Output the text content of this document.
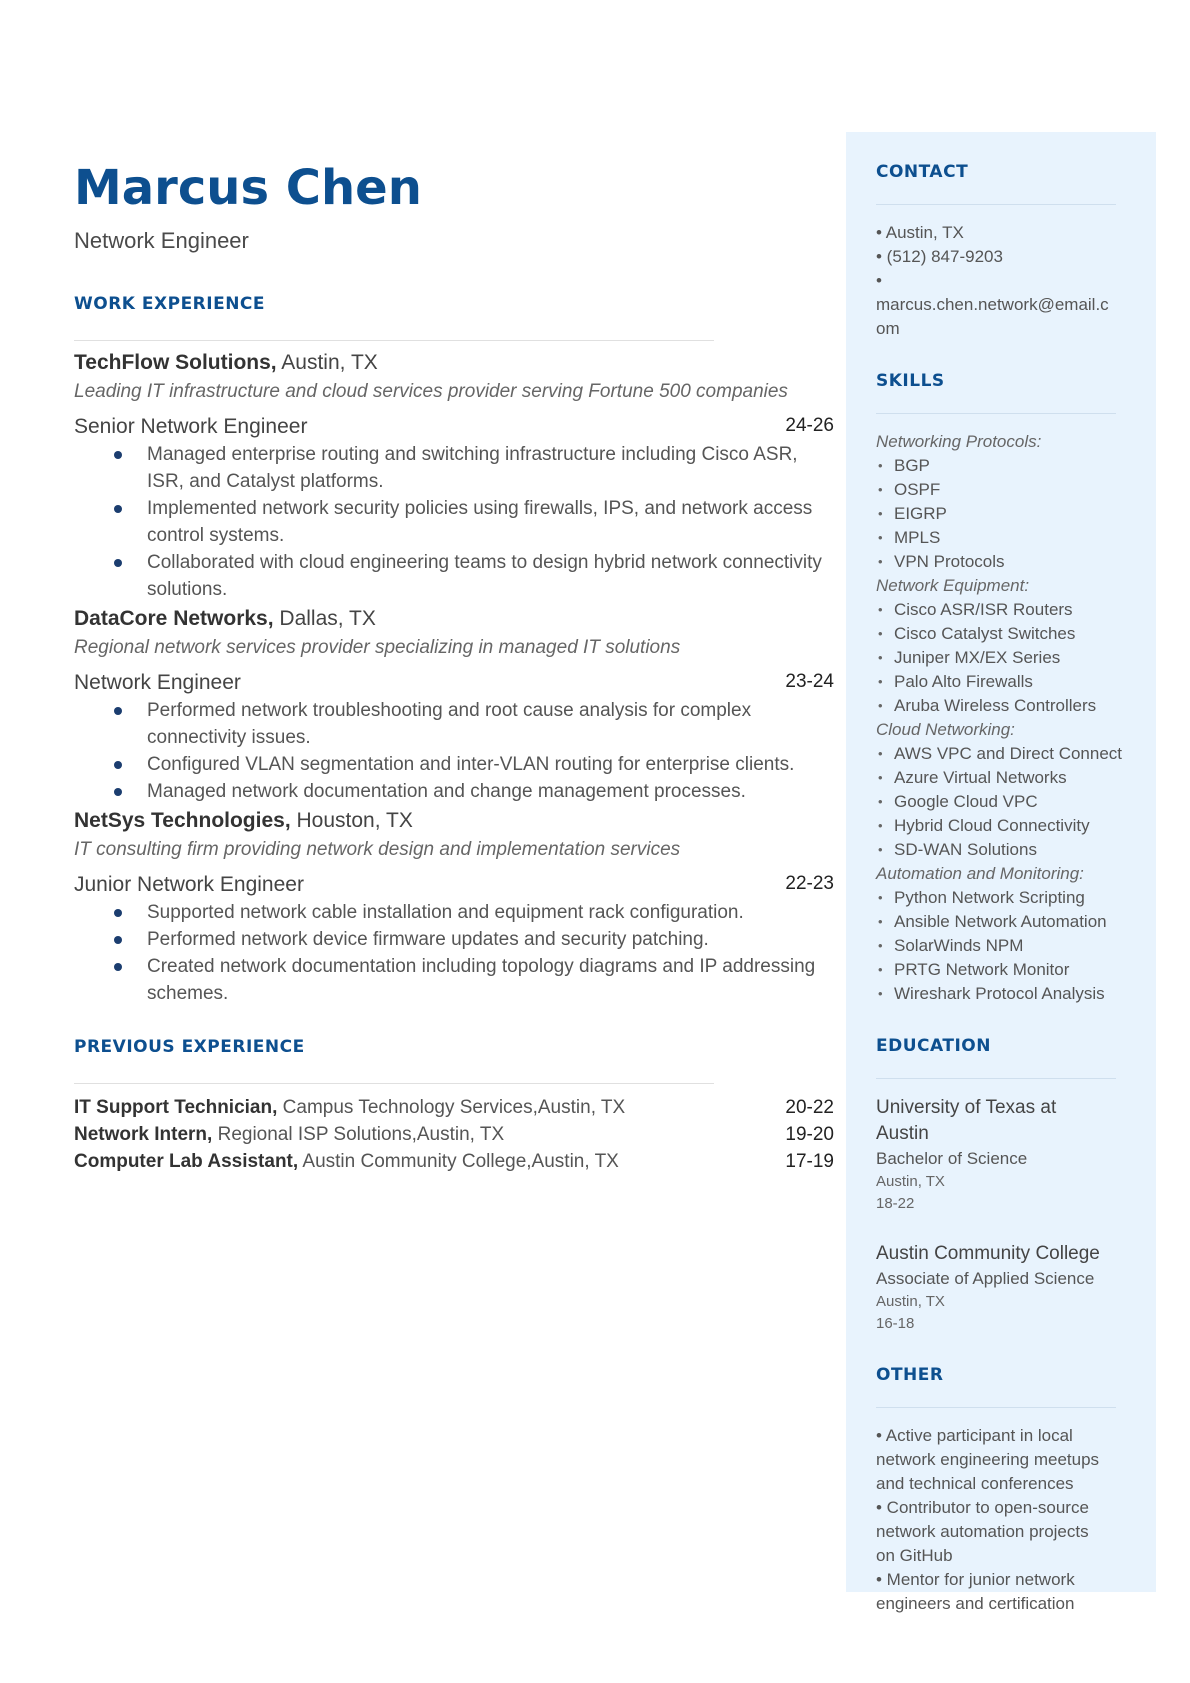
Marcus Chen
Network Engineer
WORK EXPERIENCE
TechFlow Solutions, Austin, TX
Leading IT infrastructure and cloud services provider serving Fortune 500 companies
Senior Network Engineer	24-26
Managed enterprise routing and switching infrastructure including Cisco ASR, ISR, and Catalyst platforms.
Implemented network security policies using firewalls, IPS, and network access control systems.
Collaborated with cloud engineering teams to design hybrid network connectivity solutions.
DataCore Networks, Dallas, TX
Regional network services provider specializing in managed IT solutions
Network Engineer	23-24
Performed network troubleshooting and root cause analysis for complex connectivity issues.
Configured VLAN segmentation and inter-VLAN routing for enterprise clients.
Managed network documentation and change management processes.
NetSys Technologies, Houston, TX
IT consulting firm providing network design and implementation services
Junior Network Engineer	22-23
Supported network cable installation and equipment rack configuration.
Performed network device firmware updates and security patching.
Created network documentation including topology diagrams and IP addressing schemes.
PREVIOUS EXPERIENCE
IT Support Technician, Campus Technology Services,Austin, TX	20-22
Network Intern, Regional ISP Solutions,Austin, TX	19-20
Computer Lab Assistant, Austin Community College,Austin, TX	17-19
CONTACT
• Austin, TX
• (512) 847-9203
•
marcus.chen.network@email.c
om
SKILLS
Networking Protocols:
• BGP
• OSPF
• EIGRP
• MPLS
• VPN Protocols
Network Equipment:
• Cisco ASR/ISR Routers
• Cisco Catalyst Switches
• Juniper MX/EX Series
• Palo Alto Firewalls
• Aruba Wireless Controllers
Cloud Networking:
• AWS VPC and Direct Connect
• Azure Virtual Networks
• Google Cloud VPC
• Hybrid Cloud Connectivity
• SD-WAN Solutions
Automation and Monitoring:
• Python Network Scripting
• Ansible Network Automation
• SolarWinds NPM
• PRTG Network Monitor
• Wireshark Protocol Analysis
EDUCATION
University of Texas at
Austin
Bachelor of Science
Austin, TX
18-22
Austin Community College
Associate of Applied Science
Austin, TX
16-18
OTHER
• Active participant in local
network engineering meetups
and technical conferences
• Contributor to open-source
network automation projects
on GitHub
• Mentor for junior network
engineers and certification
